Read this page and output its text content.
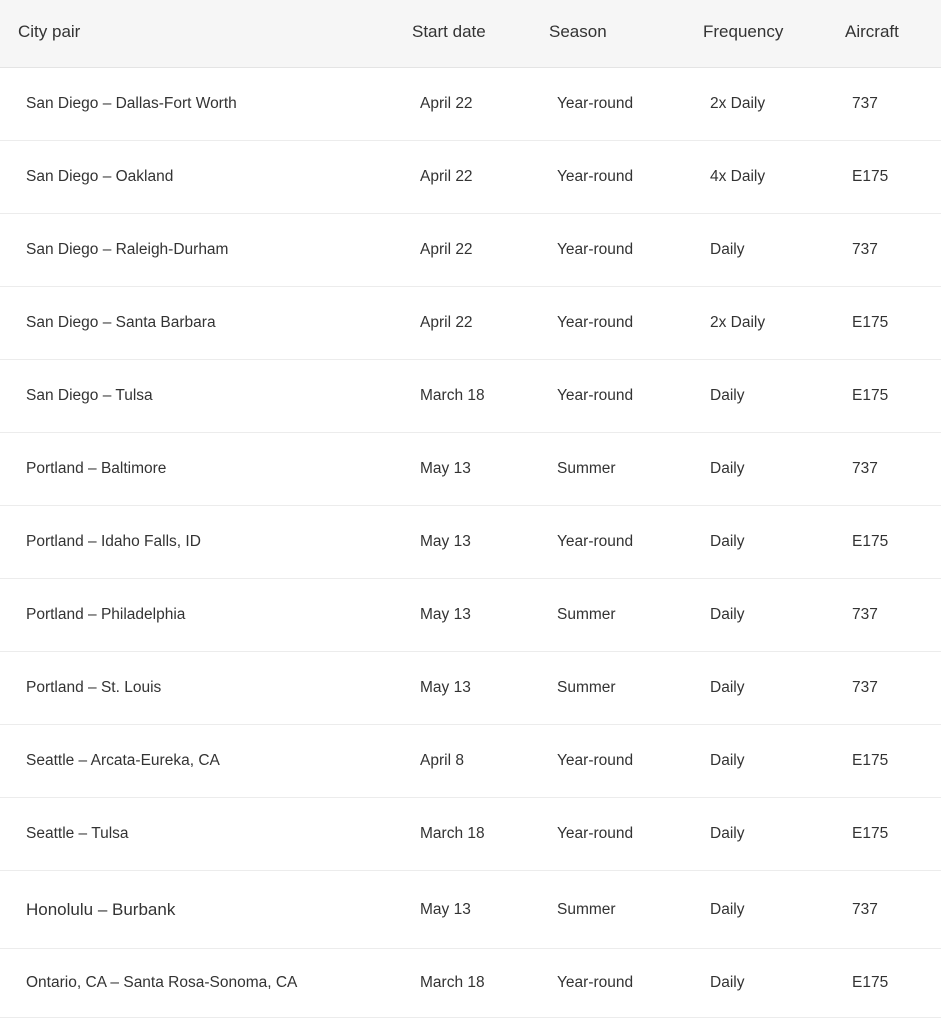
City pair	Start date	Season	Frequency	Aircraft
San Diego – Dallas-Fort Worth	April 22	Year-round	2x Daily	737
San Diego – Oakland	April 22	Year-round	4x Daily	E175
San Diego – Raleigh-Durham	April 22	Year-round	Daily	737
San Diego – Santa Barbara	April 22	Year-round	2x Daily	E175
San Diego – Tulsa	March 18	Year-round	Daily	E175
Portland – Baltimore	May 13	Summer	Daily	737
Portland – Idaho Falls, ID	May 13	Year-round	Daily	E175
Portland – Philadelphia	May 13	Summer	Daily	737
Portland – St. Louis	May 13	Summer	Daily	737
Seattle – Arcata-Eureka, CA	April 8	Year-round	Daily	E175
Seattle – Tulsa	March 18	Year-round	Daily	E175
Honolulu – Burbank	May 13	Summer	Daily	737
Ontario, CA – Santa Rosa-Sonoma, CA	March 18	Year-round	Daily	E175
